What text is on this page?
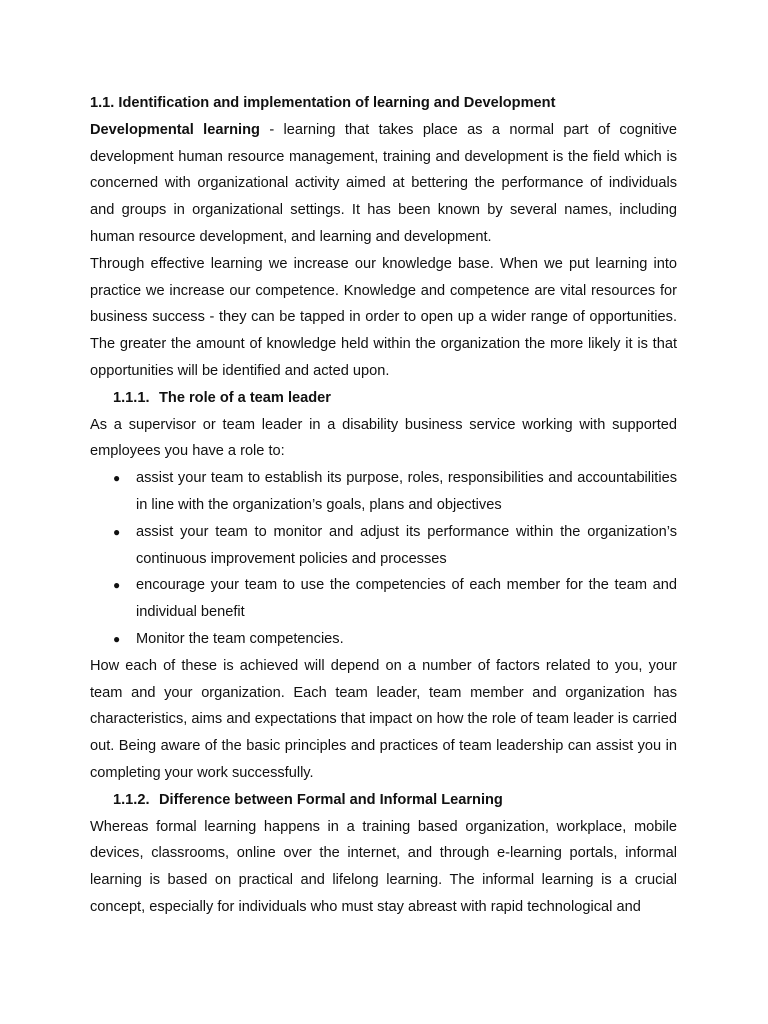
1.1. Identification and implementation of learning and Development

Developmental learning - learning that takes place as a normal part of cognitive development human resource management, training and development is the field which is concerned with organizational activity aimed at bettering the performance of individuals and groups in organizational settings. It has been known by several names, including human resource development, and learning and development.

Through effective learning we increase our knowledge base. When we put learning into practice we increase our competence. Knowledge and competence are vital resources for business success - they can be tapped in order to open up a wider range of opportunities. The greater the amount of knowledge held within the organization the more likely it is that opportunities will be identified and acted upon.

1.1.1. The role of a team leader

As a supervisor or team leader in a disability business service working with supported employees you have a role to:

● assist your team to establish its purpose, roles, responsibilities and accountabilities in line with the organization’s goals, plans and objectives
● assist your team to monitor and adjust its performance within the organization’s continuous improvement policies and processes
● encourage your team to use the competencies of each member for the team and individual benefit
● Monitor the team competencies.

How each of these is achieved will depend on a number of factors related to you, your team and your organization. Each team leader, team member and organization has characteristics, aims and expectations that impact on how the role of team leader is carried out. Being aware of the basic principles and practices of team leadership can assist you in completing your work successfully.

1.1.2. Difference between Formal and Informal Learning

Whereas formal learning happens in a training based organization, workplace, mobile devices, classrooms, online over the internet, and through e-learning portals, informal learning is based on practical and lifelong learning. The informal learning is a crucial concept, especially for individuals who must stay abreast with rapid technological and
